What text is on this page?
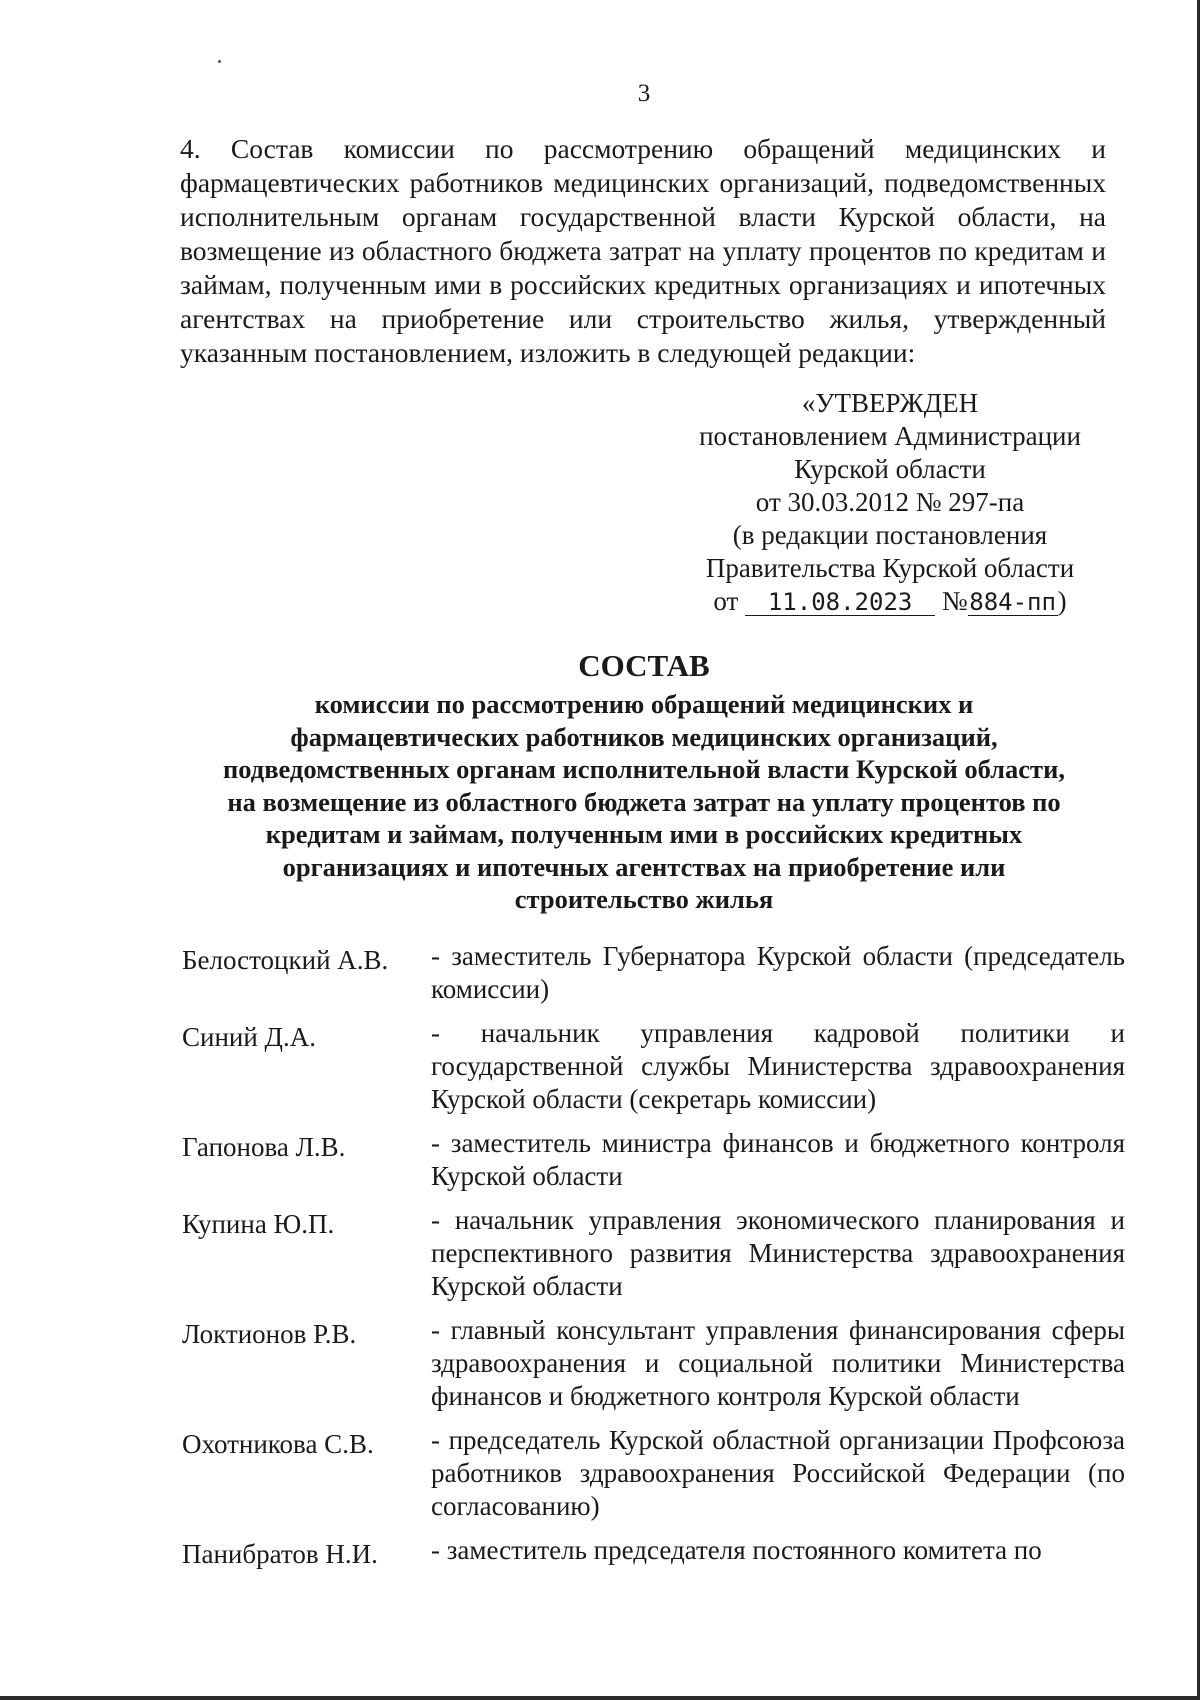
3
4. Состав комиссии по рассмотрению обращений медицинских и фармацевтических работников медицинских организаций, подведомственных исполнительным органам государственной власти Курской области, на возмещение из областного бюджета затрат на уплату процентов по кредитам и займам, полученным ими в российских кредитных организациях и ипотечных агентствах на приобретение или строительство жилья, утвержденный указанным постановлением, изложить в следующей редакции:
«УТВЕРЖДЕН
постановлением Администрации
Курской области
от 30.03.2012 № 297-па
(в редакции постановления
Правительства Курской области
от 11.08.2023 №884-пп)
СОСТАВ
комиссии по рассмотрению обращений медицинских и
фармацевтических работников медицинских организаций,
подведомственных органам исполнительной власти Курской области,
на возмещение из областного бюджета затрат на уплату процентов по
кредитам и займам, полученным ими в российских кредитных
организациях и ипотечных агентствах на приобретение или
строительство жилья
Белостоцкий А.В.	- заместитель Губернатора Курской области (председатель комиссии)
Синий Д.А.	- начальник управления кадровой политики и государственной службы Министерства здравоохранения Курской области (секретарь комиссии)
Гапонова Л.В.	- заместитель министра финансов и бюджетного контроля Курской области
Купина Ю.П.	- начальник управления экономического планирования и перспективного развития Министерства здравоохранения Курской области
Локтионов Р.В.	- главный консультант управления финансирования сферы здравоохранения и социальной политики Министерства финансов и бюджетного контроля Курской области
Охотникова С.В.	- председатель Курской областной организации Профсоюза работников здравоохранения Российской Федерации (по согласованию)
Панибратов Н.И.	- заместитель председателя постоянного комитета по
